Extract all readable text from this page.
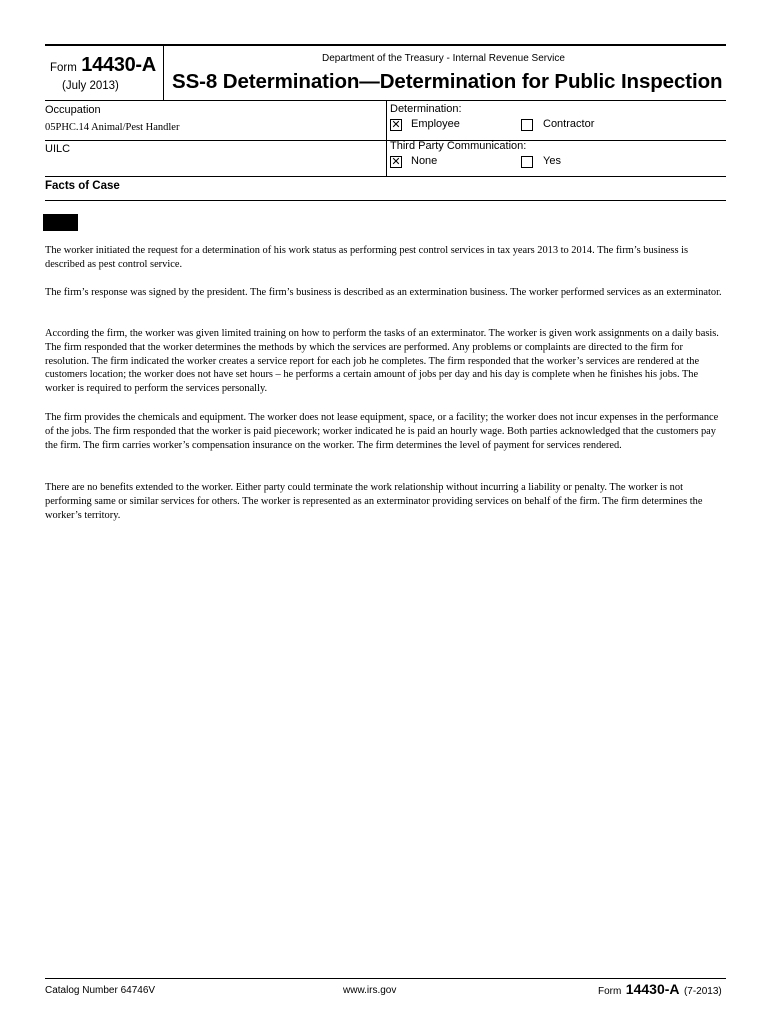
Form 14430-A
(July 2013)
Department of the Treasury - Internal Revenue Service
SS-8 Determination—Determination for Public Inspection
Occupation
05PHC.14 Animal/Pest Handler
UILC
Determination:
✕ Employee	Contractor
Third Party Communication:
✕ None	Yes
Facts of Case

The worker initiated the request for a determination of his work status as performing pest control services in tax years 2013 to 2014. The firm’s business is described as pest control service.

The firm’s response was signed by the president. The firm’s business is described as an extermination business. The worker performed services as an exterminator.

According the firm, the worker was given limited training on how to perform the tasks of an exterminator. The worker is given work assignments on a daily basis. The firm responded that the worker determines the methods by which the services are performed. Any problems or complaints are directed to the firm for resolution. The firm indicated the worker creates a service report for each job he completes. The firm responded that the worker’s services are rendered at the customers location; the worker does not have set hours – he performs a certain amount of jobs per day and his day is complete when he finishes his jobs. The worker is required to perform the services personally.

The firm provides the chemicals and equipment. The worker does not lease equipment, space, or a facility; the worker does not incur expenses in the performance of the jobs. The firm responded that the worker is paid piecework; worker indicated he is paid an hourly wage. Both parties acknowledged that the customers pay the firm. The firm carries worker’s compensation insurance on the worker. The firm determines the level of payment for services rendered.

There are no benefits extended to the worker. Either party could terminate the work relationship without incurring a liability or penalty. The worker is not performing same or similar services for others. The worker is represented as an exterminator providing services on behalf of the firm. The firm determines the worker’s territory.

Catalog Number 64746V	www.irs.gov	Form 14430-A (7-2013)
